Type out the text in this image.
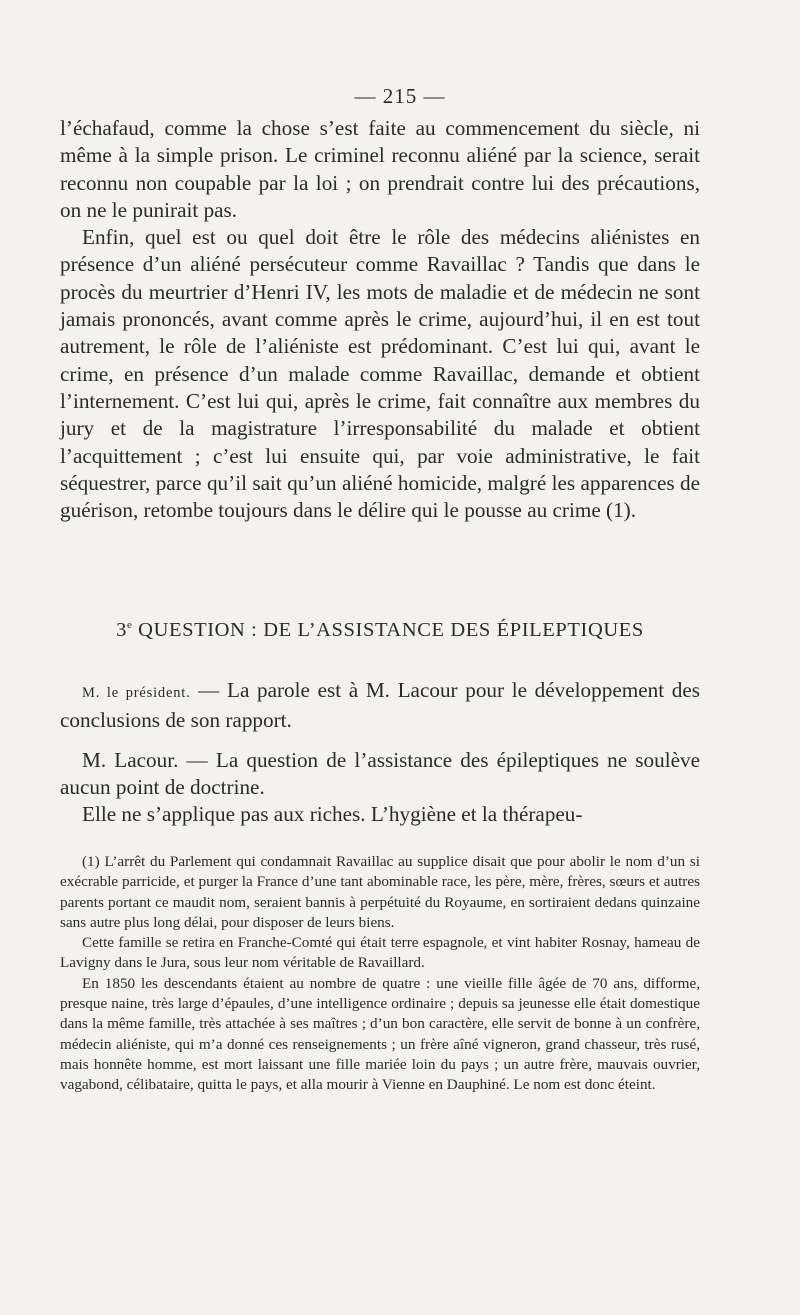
— 215 —

l’échafaud, comme la chose s’est faite au commencement du siècle, ni même à la simple prison. Le criminel reconnu aliéné par la science, serait reconnu non coupable par la loi ; on prendrait contre lui des précautions, on ne le punirait pas.

Enfin, quel est ou quel doit être le rôle des médecins aliénistes en présence d’un aliéné persécuteur comme Ravaillac ? Tandis que dans le procès du meurtrier d’Henri IV, les mots de maladie et de médecin ne sont jamais prononcés, avant comme après le crime, aujourd’hui, il en est tout autrement, le rôle de l’aliéniste est prédominant. C’est lui qui, avant le crime, en présence d’un malade comme Ravaillac, demande et obtient l’internement. C’est lui qui, après le crime, fait connaître aux membres du jury et de la magistrature l’irresponsabilité du malade et obtient l’acquittement ; c’est lui ensuite qui, par voie administrative, le fait séquestrer, parce qu’il sait qu’un aliéné homicide, malgré les apparences de guérison, retombe toujours dans le délire qui le pousse au crime (1).

3e QUESTION : DE L’ASSISTANCE DES ÉPILEPTIQUES

M. le président. — La parole est à M. Lacour pour le développement des conclusions de son rapport.

M. Lacour. — La question de l’assistance des épileptiques ne soulève aucun point de doctrine.

Elle ne s’applique pas aux riches. L’hygiène et la thérapeu-

(1) L’arrêt du Parlement qui condamnait Ravaillac au supplice disait que pour abolir le nom d’un si exécrable parricide, et purger la France d’une tant abominable race, les père, mère, frères, sœurs et autres parents portant ce maudit nom, seraient bannis à perpétuité du Royaume, en sortiraient dedans quinzaine sans autre plus long délai, pour disposer de leurs biens.

Cette famille se retira en Franche-Comté qui était terre espagnole, et vint habiter Rosnay, hameau de Lavigny dans le Jura, sous leur nom véritable de Ravaillard.

En 1850 les descendants étaient au nombre de quatre : une vieille fille âgée de 70 ans, difforme, presque naine, très large d’épaules, d’une intelligence ordinaire ; depuis sa jeunesse elle était domestique dans la même famille, très attachée à ses maîtres ; d’un bon caractère, elle servit de bonne à un confrère, médecin aliéniste, qui m’a donné ces renseignements ; un frère aîné vigneron, grand chasseur, très rusé, mais honnête homme, est mort laissant une fille mariée loin du pays ; un autre frère, mauvais ouvrier, vagabond, célibataire, quitta le pays, et alla mourir à Vienne en Dauphiné. Le nom est donc éteint.
